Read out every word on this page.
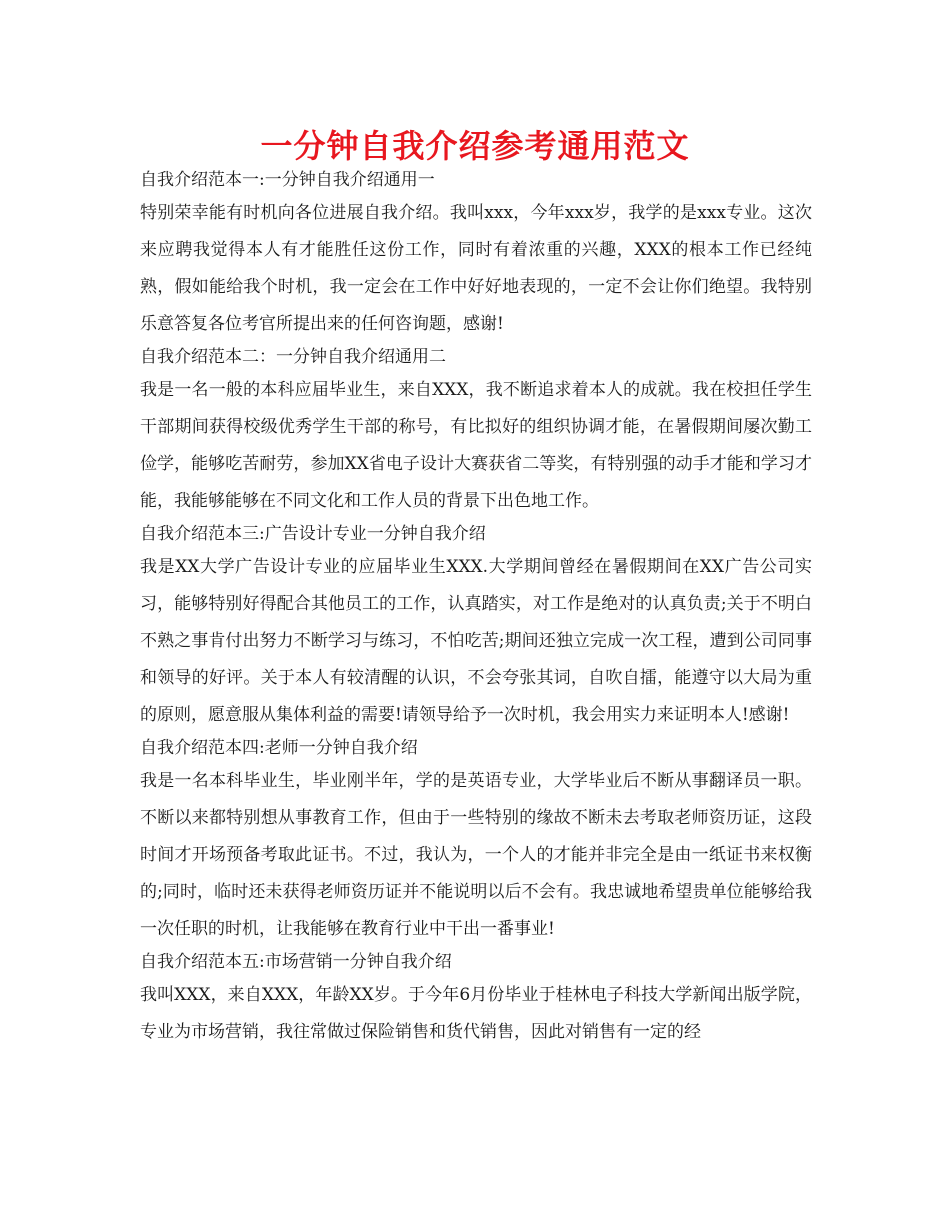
一分钟自我介绍参考通用范文
自我介绍范本一:一分钟自我介绍通用一

特别荣幸能有时机向各位进展自我介绍。我叫xxx，今年xxx岁，我学的是xxx专业。这次来应聘我觉得本人有才能胜任这份工作，同时有着浓重的兴趣，XXX的根本工作已经纯熟，假如能给我个时机，我一定会在工作中好好地表现的，一定不会让你们绝望。我特别乐意答复各位考官所提出来的任何咨询题，感谢!

自我介绍范本二：一分钟自我介绍通用二

我是一名一般的本科应届毕业生，来自XXX，我不断追求着本人的成就。我在校担任学生干部期间获得校级优秀学生干部的称号，有比拟好的组织协调才能，在暑假期间屡次勤工俭学，能够吃苦耐劳，参加XX省电子设计大赛获省二等奖，有特别强的动手才能和学习才能，我能够能够在不同文化和工作人员的背景下出色地工作。

自我介绍范本三:广告设计专业一分钟自我介绍

我是XX大学广告设计专业的应届毕业生XXX.大学期间曾经在暑假期间在XX广告公司实习，能够特别好得配合其他员工的工作，认真踏实，对工作是绝对的认真负责;关于不明白不熟之事肯付出努力不断学习与练习，不怕吃苦;期间还独立完成一次工程，遭到公司同事和领导的好评。关于本人有较清醒的认识，不会夸张其词，自吹自擂，能遵守以大局为重的原则，愿意服从集体利益的需要!请领导给予一次时机，我会用实力来证明本人!感谢!

自我介绍范本四:老师一分钟自我介绍

我是一名本科毕业生，毕业刚半年，学的是英语专业，大学毕业后不断从事翻译员一职。不断以来都特别想从事教育工作，但由于一些特别的缘故不断未去考取老师资历证，这段时间才开场预备考取此证书。不过，我认为，一个人的才能并非完全是由一纸证书来权衡的;同时，临时还未获得老师资历证并不能说明以后不会有。我忠诚地希望贵单位能够给我一次任职的时机，让我能够在教育行业中干出一番事业!

自我介绍范本五:市场营销一分钟自我介绍

我叫XXX，来自XXX，年龄XX岁。于今年6月份毕业于桂林电子科技大学新闻出版学院，专业为市场营销，我往常做过保险销售和货代销售，因此对销售有一定的经
